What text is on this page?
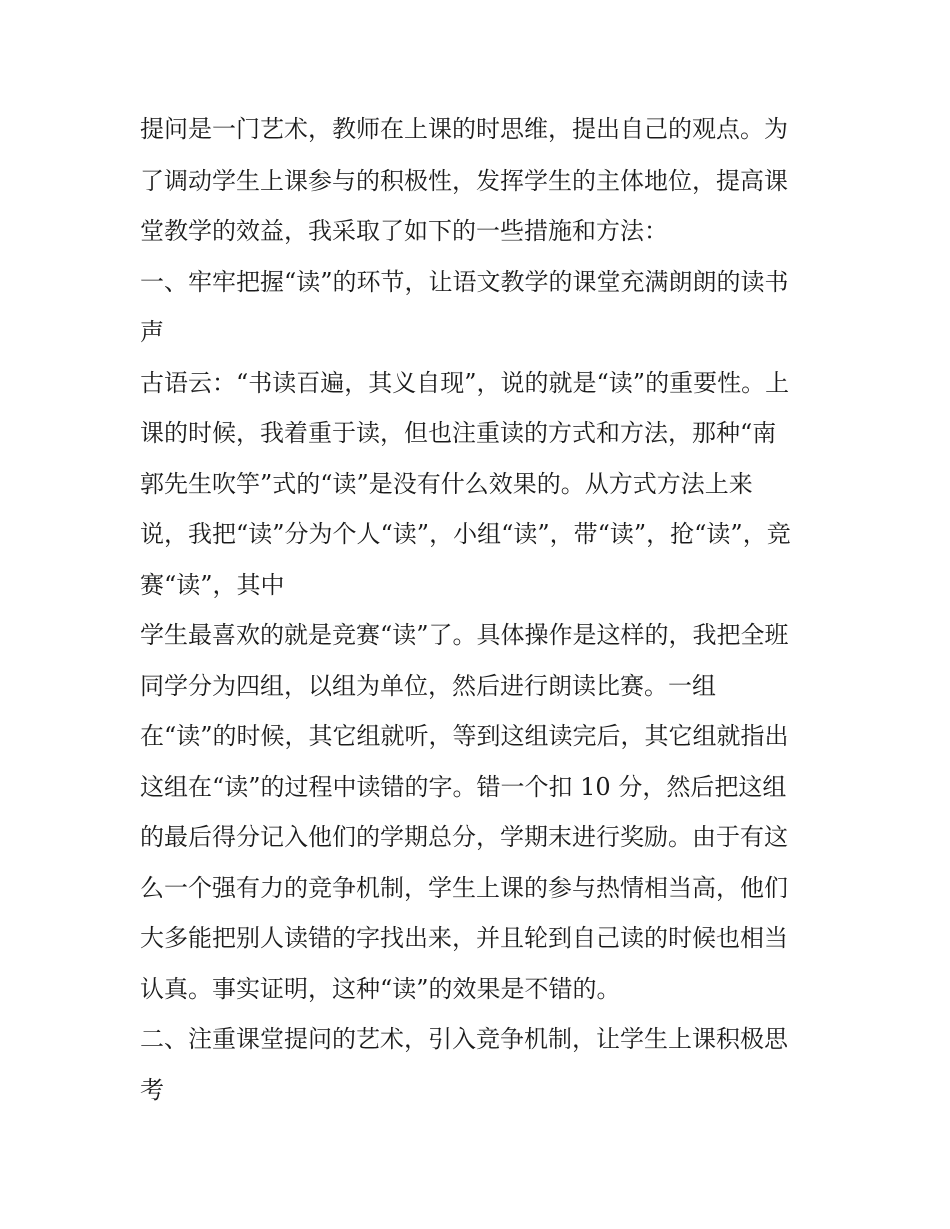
提问是一门艺术，教师在上课的时思维，提出自己的观点。为

了调动学生上课参与的积极性，发挥学生的主体地位，提高课

堂教学的效益，我采取了如下的一些措施和方法：

一、牢牢把握“读”的环节，让语文教学的课堂充满朗朗的读书

声

古语云：“书读百遍，其义自现”，说的就是“读”的重要性。上

课的时候，我着重于读，但也注重读的方式和方法，那种“南

郭先生吹竽”式的“读”是没有什么效果的。从方式方法上来

说，我把“读”分为个人“读”，小组“读”，带“读”，抢“读”，竞

赛“读”，其中

学生最喜欢的就是竞赛“读”了。具体操作是这样的，我把全班

同学分为四组，以组为单位，然后进行朗读比赛。一组

在“读”的时候，其它组就听，等到这组读完后，其它组就指出

这组在“读”的过程中读错的字。错一个扣 10 分，然后把这组

的最后得分记入他们的学期总分，学期末进行奖励。由于有这

么一个强有力的竞争机制，学生上课的参与热情相当高，他们

大多能把别人读错的字找出来，并且轮到自己读的时候也相当

认真。事实证明，这种“读”的效果是不错的。

二、注重课堂提问的艺术，引入竞争机制，让学生上课积极思

考
